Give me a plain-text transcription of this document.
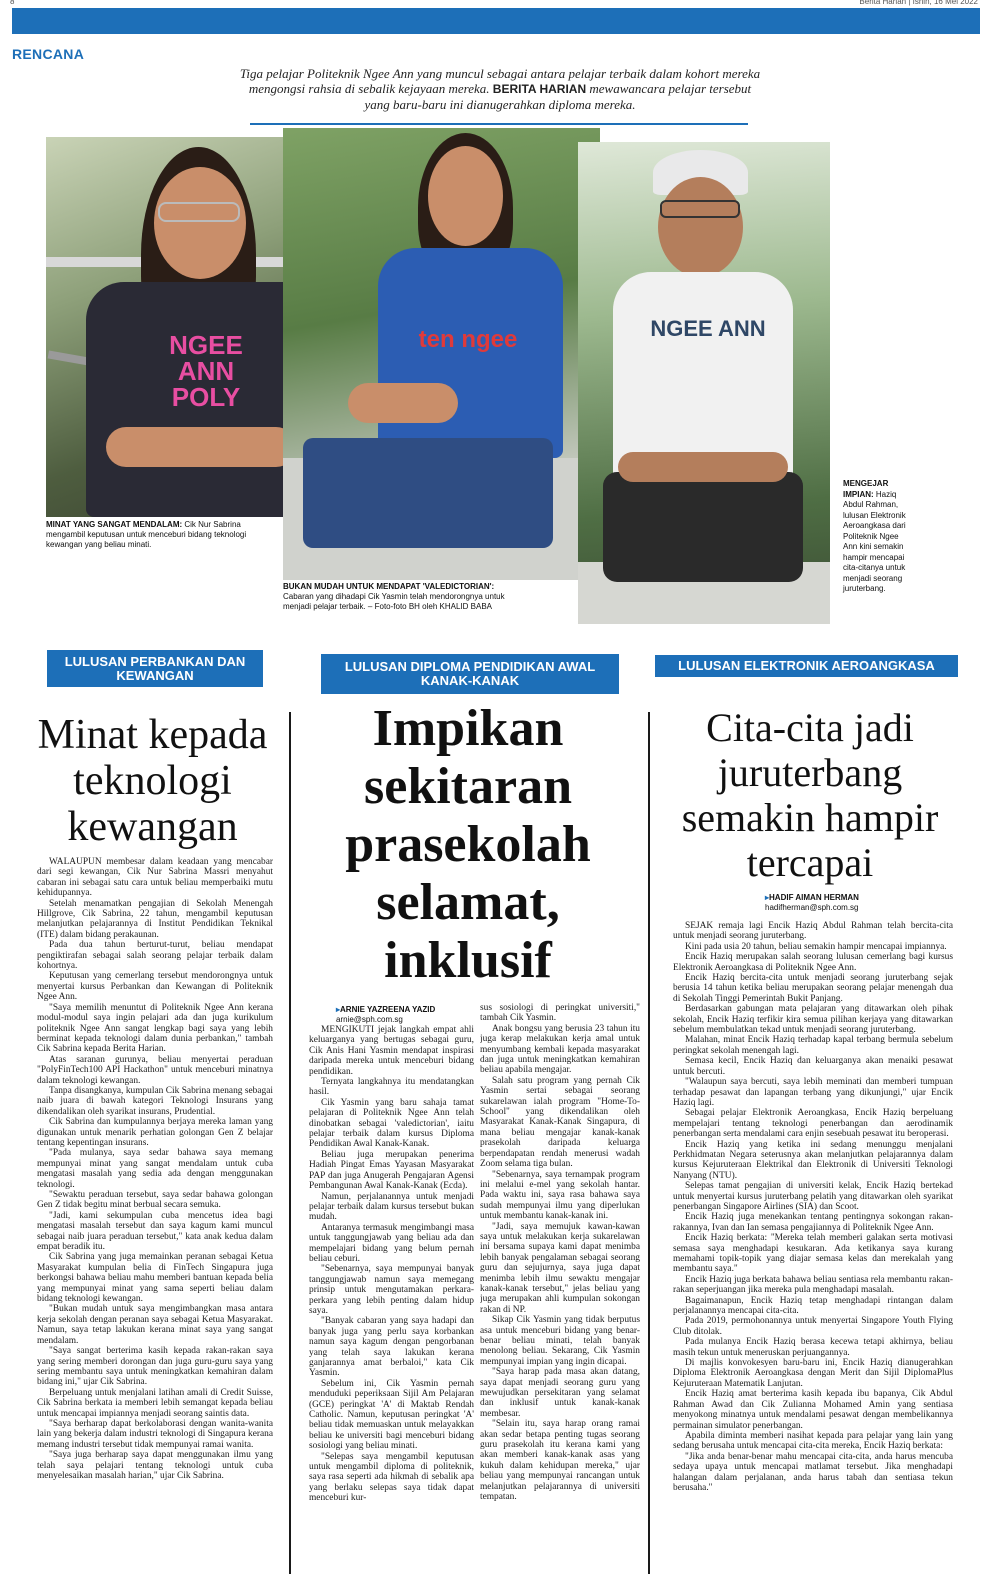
8	Berita Harian | Isnin, 16 Mei 2022
RENCANA
Tiga pelajar Politeknik Ngee Ann yang muncul sebagai antara pelajar terbaik dalam kohort mereka mengongsi rahsia di sebalik kejayaan mereka. BERITA HARIAN mewawancara pelajar tersebut yang baru-baru ini dianugerahkan diploma mereka.
NGEE ANN POLY
ten ngee	NGEE ANN
MINAT YANG SANGAT MENDALAM: Cik Nur Sabrina mengambil keputusan untuk menceburi bidang teknologi kewangan yang beliau minati.
BUKAN MUDAH UNTUK MENDAPAT 'VALEDICTORIAN': Cabaran yang dihadapi Cik Yasmin telah mendorongnya untuk menjadi pelajar terbaik. – Foto-foto BH oleh KHALID BABA
MENGEJAR IMPIAN: Haziq Abdul Rahman, lulusan Elektronik Aeroangkasa dari Politeknik Ngee Ann kini semakin hampir mencapai cita-citanya untuk menjadi seorang juruterbang.
LULUSAN PERBANKAN DAN KEWANGAN
LULUSAN DIPLOMA PENDIDIKAN AWAL KANAK-KANAK
LULUSAN ELEKTRONIK AEROANGKASA
Minat kepada teknologi kewangan
Impikan sekitaran prasekolah selamat, inklusif
Cita-cita jadi juruterbang semakin hampir tercapai
▸ARNIE YAZREENA YAZID
arnie@sph.com.sg
▸HADIF AIMAN HERMAN
hadifherman@sph.com.sg

WALAUPUN membesar dalam keadaan yang mencabar dari segi kewangan, Cik Nur Sabrina Massri menyahut cabaran ini sebagai satu cara untuk beliau memperbaiki mutu kehidupannya.

Setelah menamatkan pengajian di Sekolah Menengah Hillgrove, Cik Sabrina, 22 tahun, mengambil keputusan melanjutkan pelajarannya di Institut Pendidikan Teknikal (ITE) dalam bidang perakaunan.

Pada dua tahun berturut-turut, beliau mendapat pengiktirafan sebagai salah seorang pelajar terbaik dalam kohortnya.

Keputusan yang cemerlang tersebut mendorongnya untuk menyertai kursus Perbankan dan Kewangan di Politeknik Ngee Ann.

"Saya memilih menuntut di Politeknik Ngee Ann kerana modul-modul saya ingin pelajari ada dan juga kurikulum politeknik Ngee Ann sangat lengkap bagi saya yang lebih berminat kepada teknologi dalam dunia perbankan," tambah Cik Sabrina kepada Berita Harian.

Atas saranan gurunya, beliau menyertai peraduan "PolyFinTech100 API Hackathon" untuk menceburi minatnya dalam teknologi kewangan.

Tanpa disangkanya, kumpulan Cik Sabrina menang sebagai naib juara di bawah kategori Teknologi Insurans yang dikendalikan oleh syarikat insurans, Prudential.

Cik Sabrina dan kumpulannya berjaya mereka laman yang digunakan untuk menarik perhatian golongan Gen Z belajar tentang kepentingan insurans.

"Pada mulanya, saya sedar bahawa saya memang mempunyai minat yang sangat mendalam untuk cuba mengatasi masalah yang sedia ada dengan menggunakan teknologi.

"Sewaktu peraduan tersebut, saya sedar bahawa golongan Gen Z tidak begitu minat berbual secara semuka.

"Jadi, kami sekumpulan cuba mencetus idea bagi mengatasi masalah tersebut dan saya kagum kami muncul sebagai naib juara peraduan tersebut," kata anak kedua dalam empat beradik itu.

Cik Sabrina yang juga memainkan peranan sebagai Ketua Masyarakat kumpulan belia di FinTech Singapura juga berkongsi bahawa beliau mahu memberi bantuan kepada belia yang mempunyai minat yang sama seperti beliau dalam bidang teknologi kewangan.

"Bukan mudah untuk saya mengimbangkan masa antara kerja sekolah dengan peranan saya sebagai Ketua Masyarakat. Namun, saya tetap lakukan kerana minat saya yang sangat mendalam.

"Saya sangat berterima kasih kepada rakan-rakan saya yang sering memberi dorongan dan juga guru-guru saya yang sering membantu saya untuk meningkatkan kemahiran dalam bidang ini," ujar Cik Sabrina.

Berpeluang untuk menjalani latihan amali di Credit Suisse, Cik Sabrina berkata ia memberi lebih semangat kepada beliau untuk mencapai impiannya menjadi seorang saintis data.

"Saya berharap dapat berkolaborasi dengan wanita-wanita lain yang bekerja dalam industri teknologi di Singapura kerana memang industri tersebut tidak mempunyai ramai wanita.

"Saya juga berharap saya dapat menggunakan ilmu yang telah saya pelajari tentang teknologi untuk cuba menyelesaikan masalah harian," ujar Cik Sabrina.

MENGIKUTI jejak langkah empat ahli keluarganya yang bertugas sebagai guru, Cik Anis Hani Yasmin mendapat inspirasi daripada mereka untuk menceburi bidang pendidikan.

Ternyata langkahnya itu mendatangkan hasil.

Cik Yasmin yang baru sahaja tamat pelajaran di Politeknik Ngee Ann telah dinobatkan sebagai 'valedictorian', iaitu pelajar terbaik dalam kursus Diploma Pendidikan Awal Kanak-Kanak.

Beliau juga merupakan penerima Hadiah Pingat Emas Yayasan Masyarakat PAP dan juga Anugerah Pengajaran Agensi Pembangunan Awal Kanak-Kanak (Ecda).

Namun, perjalanannya untuk menjadi pelajar terbaik dalam kursus tersebut bukan mudah.

Antaranya termasuk mengimbangi masa untuk tanggungjawab yang beliau ada dan mempelajari bidang yang belum pernah beliau ceburi.

"Sebenarnya, saya mempunyai banyak tanggungjawab namun saya memegang prinsip untuk mengutamakan perkara-perkara yang lebih penting dalam hidup saya.

"Banyak cabaran yang saya hadapi dan banyak juga yang perlu saya korbankan namun saya kagum dengan pengorbanan yang telah saya lakukan kerana ganjarannya amat berbaloi," kata Cik Yasmin.

Sebelum ini, Cik Yasmin pernah menduduki peperiksaan Sijil Am Pelajaran (GCE) peringkat 'A' di Maktab Rendah Catholic. Namun, keputusan peringkat 'A' beliau tidak memuaskan untuk melayakkan beliau ke universiti bagi menceburi bidang sosiologi yang beliau minati.

"Selepas saya mengambil keputusan untuk mengambil diploma di politeknik, saya rasa seperti ada hikmah di sebalik apa yang berlaku selepas saya tidak dapat menceburi kur-

sus sosiologi di peringkat universiti," tambah Cik Yasmin.

Anak bongsu yang berusia 23 tahun itu juga kerap melakukan kerja amal untuk menyumbang kembali kepada masyarakat dan juga untuk meningkatkan kemahiran beliau apabila mengajar.

Salah satu program yang pernah Cik Yasmin sertai sebagai seorang sukarelawan ialah program "Home-To-School" yang dikendalikan oleh Masyarakat Kanak-Kanak Singapura, di mana beliau mengajar kanak-kanak prasekolah daripada keluarga berpendapatan rendah menerusi wadah Zoom selama tiga bulan.

"Sebenarnya, saya ternampak program ini melalui e-mel yang sekolah hantar. Pada waktu ini, saya rasa bahawa saya sudah mempunyai ilmu yang diperlukan untuk membantu kanak-kanak ini.

"Jadi, saya memujuk kawan-kawan saya untuk melakukan kerja sukarelawan ini bersama supaya kami dapat menimba lebih banyak pengalaman sebagai seorang guru dan sejujurnya, saya juga dapat menimba lebih ilmu sewaktu mengajar kanak-kanak tersebut," jelas beliau yang juga merupakan ahli kumpulan sokongan rakan di NP.

Sikap Cik Yasmin yang tidak berputus asa untuk menceburi bidang yang benar-benar beliau minati, telah banyak menolong beliau. Sekarang, Cik Yasmin mempunyai impian yang ingin dicapai.

"Saya harap pada masa akan datang, saya dapat menjadi seorang guru yang mewujudkan persekitaran yang selamat dan inklusif untuk kanak-kanak membesar.

"Selain itu, saya harap orang ramai akan sedar betapa penting tugas seorang guru prasekolah itu kerana kami yang akan memberi kanak-kanak asas yang kukuh dalam kehidupan mereka," ujar beliau yang mempunyai rancangan untuk melanjutkan pelajarannya di universiti tempatan.

SEJAK remaja lagi Encik Haziq Abdul Rahman telah bercita-cita untuk menjadi seorang juruterbang.

Kini pada usia 20 tahun, beliau semakin hampir mencapai impiannya.

Encik Haziq merupakan salah seorang lulusan cemerlang bagi kursus Elektronik Aeroangkasa di Politeknik Ngee Ann.

Encik Haziq bercita-cita untuk menjadi seorang juruterbang sejak berusia 14 tahun ketika beliau merupakan seorang pelajar menengah dua di Sekolah Tinggi Pemerintah Bukit Panjang.

Berdasarkan gabungan mata pelajaran yang ditawarkan oleh pihak sekolah, Encik Haziq terfikir kira semua pilihan kerjaya yang ditawarkan sebelum membulatkan tekad untuk menjadi seorang juruterbang.

Malahan, minat Encik Haziq terhadap kapal terbang bermula sebelum peringkat sekolah menengah lagi.

Semasa kecil, Encik Haziq dan keluarganya akan menaiki pesawat untuk bercuti.

"Walaupun saya bercuti, saya lebih meminati dan memberi tumpuan terhadap pesawat dan lapangan terbang yang dikunjungi," ujar Encik Haziq lagi.

Sebagai pelajar Elektronik Aeroangkasa, Encik Haziq berpeluang mempelajari tentang teknologi penerbangan dan aerodinamik penerbangan serta mendalami cara enjin sesebuah pesawat itu beroperasi.

Encik Haziq yang ketika ini sedang menunggu menjalani Perkhidmatan Negara seterusnya akan melanjutkan pelajarannya dalam kursus Kejuruteraan Elektrikal dan Elektronik di Universiti Teknologi Nanyang (NTU).

Selepas tamat pengajian di universiti kelak, Encik Haziq bertekad untuk menyertai kursus juruterbang pelatih yang ditawarkan oleh syarikat penerbangan Singapore Airlines (SIA) dan Scoot.

Encik Haziq juga menekankan tentang pentingnya sokongan rakan-rakannya, Ivan dan Ian semasa pengajiannya di Politeknik Ngee Ann.

Encik Haziq berkata: "Mereka telah memberi galakan serta motivasi semasa saya menghadapi kesukaran. Ada ketikanya saya kurang memahami topik-topik yang diajar semasa kelas dan merekalah yang membantu saya."

Encik Haziq juga berkata bahawa beliau sentiasa rela membantu rakan-rakan seperjuangan jika mereka pula menghadapi masalah.

Bagaimanapun, Encik Haziq tetap menghadapi rintangan dalam perjalanannya mencapai cita-cita.

Pada 2019, permohonannya untuk menyertai Singapore Youth Flying Club ditolak.

Pada mulanya Encik Haziq berasa kecewa tetapi akhirnya, beliau masih tekun untuk meneruskan perjuangannya.

Di majlis konvokesyen baru-baru ini, Encik Haziq dianugerahkan Diploma Elektronik Aeroangkasa dengan Merit dan Sijil DiplomaPlus Kejuruteraan Matematik Lanjutan.

Encik Haziq amat berterima kasih kepada ibu bapanya, Cik Abdul Rahman Awad dan Cik Zulianna Mohamed Amin yang sentiasa menyokong minatnya untuk mendalami pesawat dengan membelikannya permainan simulator penerbangan.

Apabila diminta memberi nasihat kepada para pelajar yang lain yang sedang berusaha untuk mencapai cita-cita mereka, Encik Haziq berkata:

"Jika anda benar-benar mahu mencapai cita-cita, anda harus mencuba sedaya upaya untuk mencapai matlamat tersebut. Jika menghadapi halangan dalam perjalanan, anda harus tabah dan sentiasa tekun berusaha."
